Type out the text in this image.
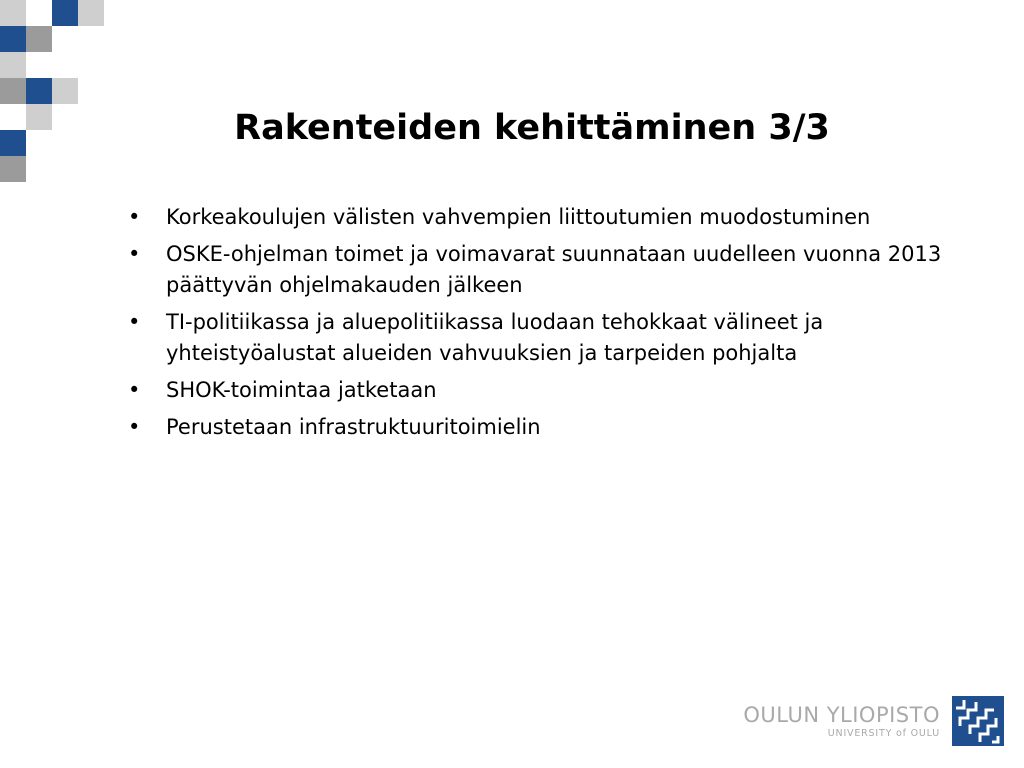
Rakenteiden kehittäminen 3/3
• Korkeakoulujen välisten vahvempien liittoutumien muodostuminen
• OSKE-ohjelman toimet ja voimavarat suunnataan uudelleen vuonna 2013 päättyvän ohjelmakauden jälkeen
• TI-politiikassa ja aluepolitiikassa luodaan tehokkaat välineet ja yhteistyöalustat alueiden vahvuuksien ja tarpeiden pohjalta
• SHOK-toimintaa jatketaan
• Perustetaan infrastruktuuritoimielin
OULUN YLIOPISTO
UNIVERSITY of OULU
